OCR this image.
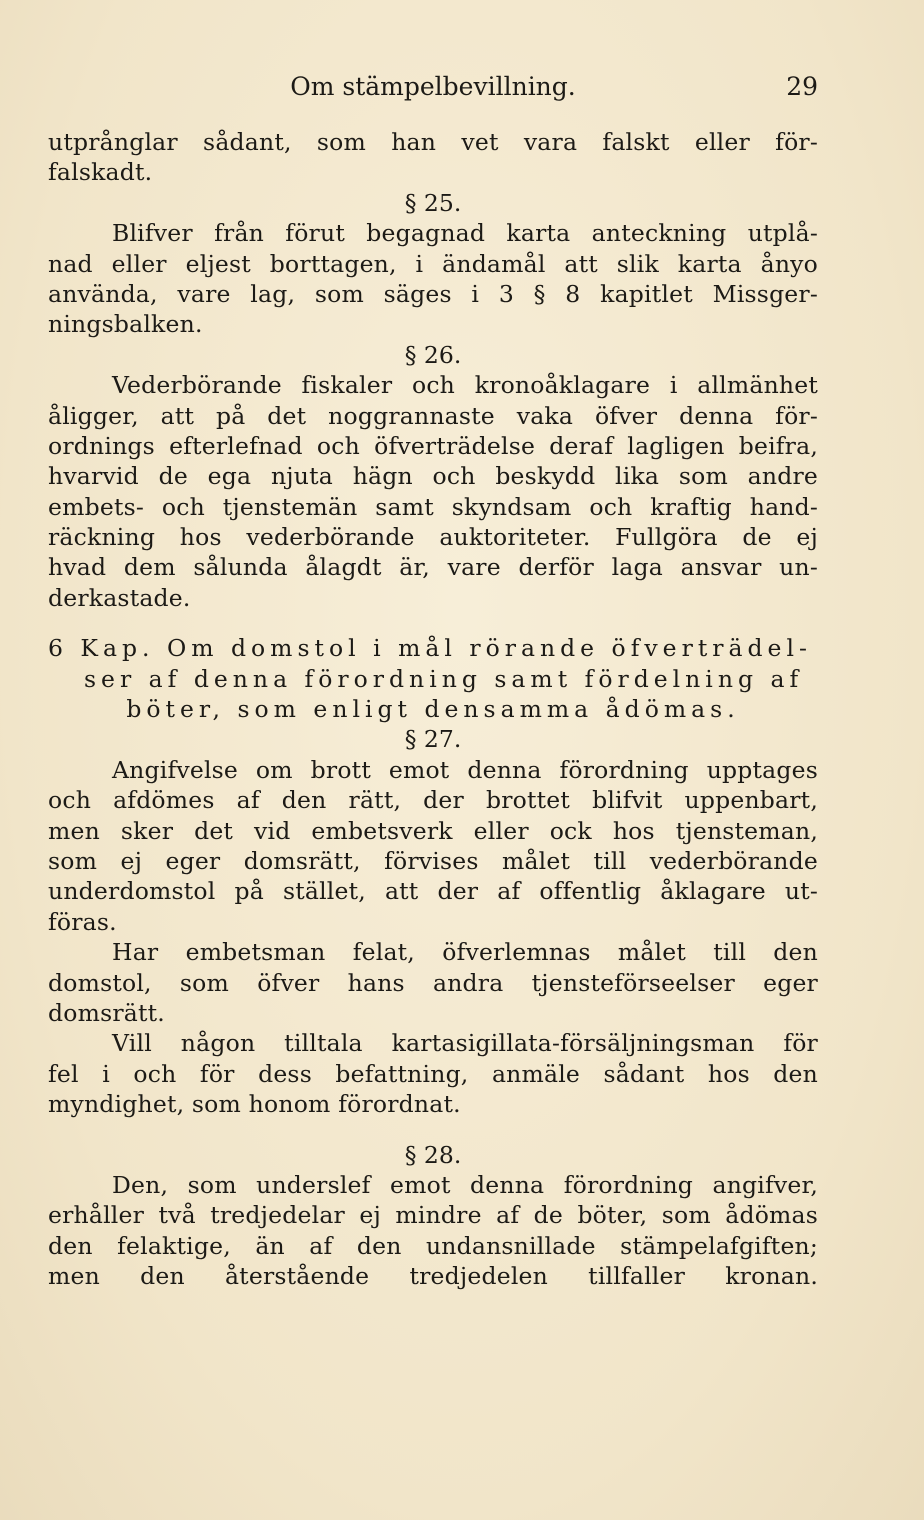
Om stämpelbevillning.	29
utprånglar sådant, som han vet vara falskt eller för-
falskadt.
§ 25.
Blifver från förut begagnad karta anteckning utplå-
nad eller eljest borttagen, i ändamål att slik karta ånyo
använda, vare lag, som säges i 3 § 8 kapitlet Missger-
ningsbalken.
§ 26.
Vederbörande fiskaler och kronoåklagare i allmänhet
åligger, att på det noggrannaste vaka öfver denna för-
ordnings efterlefnad och öfverträdelse deraf lagligen beifra,
hvarvid de ega njuta hägn och beskydd lika som andre
embets- och tjenstemän samt skyndsam och kraftig hand-
räckning hos vederbörande auktoriteter. Fullgöra de ej
hvad dem sålunda ålagdt är, vare derför laga ansvar un-
derkastade.
6 Kap. Om domstol i mål rörande öfverträdel-
ser af denna förordning samt fördelning af
böter, som enligt densamma ådömas.
§ 27.
Angifvelse om brott emot denna förordning upptages
och afdömes af den rätt, der brottet blifvit uppenbart,
men sker det vid embetsverk eller ock hos tjensteman,
som ej eger domsrätt, förvises målet till vederbörande
underdomstol på stället, att der af offentlig åklagare ut-
föras.
Har embetsman felat, öfverlemnas målet till den
domstol, som öfver hans andra tjensteförseelser eger
domsrätt.
Vill någon tilltala kartasigillata-försäljningsman för
fel i och för dess befattning, anmäle sådant hos den
myndighet, som honom förordnat.
§ 28.
Den, som underslef emot denna förordning angifver,
erhåller två tredjedelar ej mindre af de böter, som ådömas
den felaktige, än af den undansnillade stämpelafgiften;
men den återstående tredjedelen tillfaller kronan.
